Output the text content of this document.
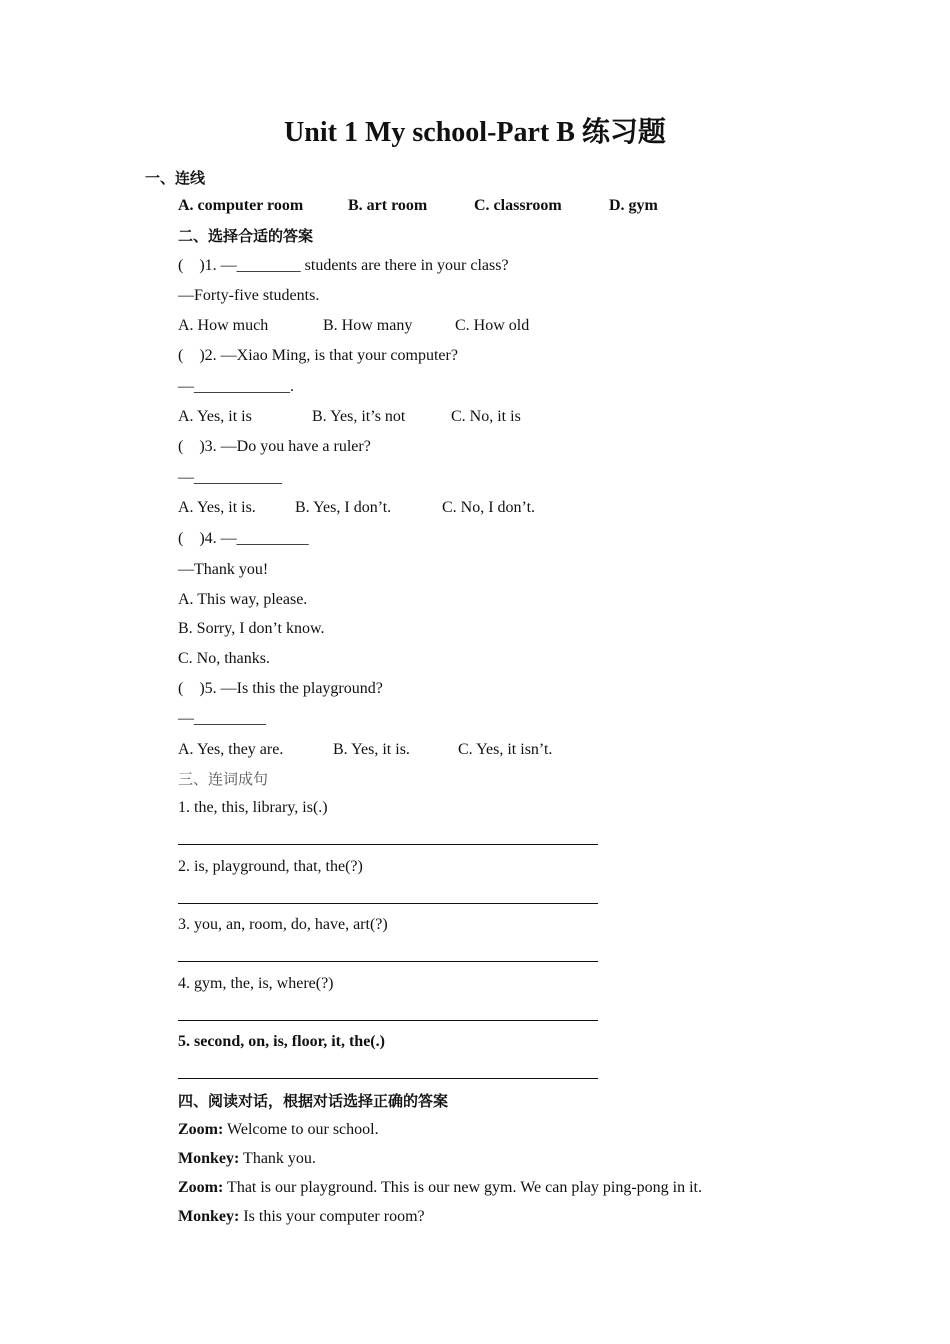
Unit 1 My school-Part B 练习题
一、连线
A. computer room	B. art room	C. classroom	D. gym
二、选择合适的答案
(    )1. —________ students are there in your class?
—Forty-five students.
A. How much	B. How many	C. How old
(    )2. —Xiao Ming, is that your computer?
—____________.
A. Yes, it is	B. Yes, it’s not	C. No, it is
(    )3. —Do you have a ruler?
—___________
A. Yes, it is. B. Yes, I don’t.	C. No, I don’t.
(    )4. —_________
—Thank you!
A. This way, please.
B. Sorry, I don’t know.
C. No, thanks.
(    )5. —Is this the playground?
—_________
A. Yes, they are.	B. Yes, it is.	C. Yes, it isn’t.
三、连词成句
1. the, this, library, is(.)
2. is, playground, that, the(?)
3. you, an, room, do, have, art(?)
4. gym, the, is, where(?)
5. second, on, is, floor, it, the(.)
四、阅读对话，根据对话选择正确的答案
Zoom: Welcome to our school.
Monkey: Thank you.
Zoom: That is our playground. This is our new gym. We can play ping-pong in it.
Monkey: Is this your computer room?
